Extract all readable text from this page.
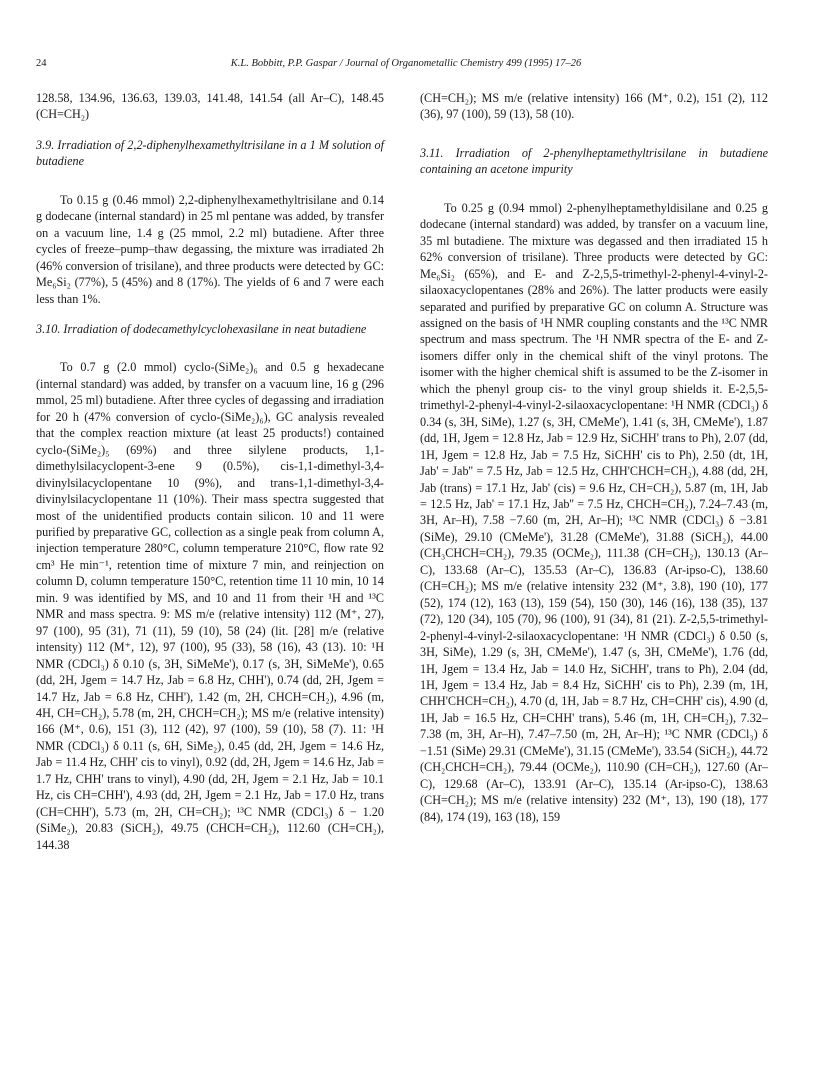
24	K.L. Bobbitt, P.P. Gaspar / Journal of Organometallic Chemistry 499 (1995) 17–26

128.58, 134.96, 136.63, 139.03, 141.48, 141.54 (all Ar–C), 148.45 (CH=CH₂)

3.9. Irradiation of 2,2-diphenylhexamethyltrisilane in a 1 M solution of butadiene

To 0.15 g (0.46 mmol) 2,2-diphenylhexamethyltrisilane and 0.14 g dodecane (internal standard) in 25 ml pentane was added, by transfer on a vacuum line, 1.4 g (25 mmol, 2.2 ml) butadiene. After three cycles of freeze–pump–thaw degassing, the mixture was irradiated 2h (46% conversion of trisilane), and three products were detected by GC: Me₆Si₂ (77%), 5 (45%) and 8 (17%). The yields of 6 and 7 were each less than 1%.

3.10. Irradiation of dodecamethylcyclohexasilane in neat butadiene

To 0.7 g (2.0 mmol) cyclo-(SiMe₂)₆ and 0.5 g hexadecane (internal standard) was added, by transfer on a vacuum line, 16 g (296 mmol, 25 ml) butadiene. After three cycles of degassing and irradiation for 20 h (47% conversion of cyclo-(SiMe₂)₆), GC analysis revealed that the complex reaction mixture (at least 25 products!) contained cyclo-(SiMe₂)₅ (69%) and three silylene products, 1,1-dimethylsilacyclopent-3-ene 9 (0.5%), cis-1,1-dimethyl-3,4-divinylsilacyclopentane 10 (9%), and trans-1,1-dimethyl-3,4-divinylsilacyclopentane 11 (10%). Their mass spectra suggested that most of the unidentified products contain silicon. 10 and 11 were purified by preparative GC, collection as a single peak from column A, injection temperature 280°C, column temperature 210°C, flow rate 92 cm³ He min⁻¹, retention time of mixture 7 min, and reinjection on column D, column temperature 150°C, retention time 11 10 min, 10 14 min. 9 was identified by MS, and 10 and 11 from their ¹H and ¹³C NMR and mass spectra. 9: MS m/e (relative intensity) 112 (M⁺, 27), 97 (100), 95 (31), 71 (11), 59 (10), 58 (24) (lit. [28] m/e (relative intensity) 112 (M⁺, 12), 97 (100), 95 (33), 58 (16), 43 (13). 10: ¹H NMR (CDCl₃) δ 0.10 (s, 3H, SiMeMe'), 0.17 (s, 3H, SiMeMe'), 0.65 (dd, 2H, Jgem = 14.7 Hz, Jab = 6.8 Hz, CHH'), 0.74 (dd, 2H, Jgem = 14.7 Hz, Jab = 6.8 Hz, CHH'), 1.42 (m, 2H, CHCH=CH₂), 4.96 (m, 4H, CH=CH₂), 5.78 (m, 2H, CHCH=CH₂); MS m/e (relative intensity) 166 (M⁺, 0.6), 151 (3), 112 (42), 97 (100), 59 (10), 58 (7). 11: ¹H NMR (CDCl₃) δ 0.11 (s, 6H, SiMe₂), 0.45 (dd, 2H, Jgem = 14.6 Hz, Jab = 11.4 Hz, CHH' cis to vinyl), 0.92 (dd, 2H, Jgem = 14.6 Hz, Jab = 1.7 Hz, CHH' trans to vinyl), 4.90 (dd, 2H, Jgem = 2.1 Hz, Jab = 10.1 Hz, cis CH=CHH'), 4.93 (dd, 2H, Jgem = 2.1 Hz, Jab = 17.0 Hz, trans (CH=CHH'), 5.73 (m, 2H, CH=CH₂); ¹³C NMR (CDCl₃) δ − 1.20 (SiMe₂), 20.83 (SiCH₂), 49.75 (CHCH=CH₂), 112.60 (CH=CH₂), 144.38

(CH=CH₂); MS m/e (relative intensity) 166 (M⁺, 0.2), 151 (2), 112 (36), 97 (100), 59 (13), 58 (10).

3.11. Irradiation of 2-phenylheptamethyltrisilane in butadiene containing an acetone impurity

To 0.25 g (0.94 mmol) 2-phenylheptamethyldisilane and 0.25 g dodecane (internal standard) was added, by transfer on a vacuum line, 35 ml butadiene. The mixture was degassed and then irradiated 15 h 62% conversion of trisilane). Three products were detected by GC: Me₆Si₂ (65%), and E- and Z-2,5,5-trimethyl-2-phenyl-4-vinyl-2-silaoxacyclopentanes (28% and 26%). The latter products were easily separated and purified by preparative GC on column A. Structure was assigned on the basis of ¹H NMR coupling constants and the ¹³C NMR spectrum and mass spectrum. The ¹H NMR spectra of the E- and Z-isomers differ only in the chemical shift of the vinyl protons. The isomer with the higher chemical shift is assumed to be the Z-isomer in which the phenyl group cis- to the vinyl group shields it. E-2,5,5-trimethyl-2-phenyl-4-vinyl-2-silaoxacyclopentane: ¹H NMR (CDCl₃) δ 0.34 (s, 3H, SiMe), 1.27 (s, 3H, CMeMe'), 1.41 (s, 3H, CMeMe'), 1.87 (dd, 1H, Jgem = 12.8 Hz, Jab = 12.9 Hz, SiCHH' trans to Ph), 2.07 (dd, 1H, Jgem = 12.8 Hz, Jab = 7.5 Hz, SiCHH' cis to Ph), 2.50 (dt, 1H, Jab' = Jab'' = 7.5 Hz, Jab = 12.5 Hz, CHH'CHCH=CH₂), 4.88 (dd, 2H, Jab (trans) = 17.1 Hz, Jab' (cis) = 9.6 Hz, CH=CH₂), 5.87 (m, 1H, Jab = 12.5 Hz, Jab' = 17.1 Hz, Jab'' = 7.5 Hz, CHCH=CH₂), 7.24–7.43 (m, 3H, Ar–H), 7.58 −7.60 (m, 2H, Ar–H); ¹³C NMR (CDCl₃) δ −3.81 (SiMe), 29.10 (CMeMe'), 31.28 (CMeMe'), 31.88 (SiCH₂), 44.00 (CH₃CHCH=CH₂), 79.35 (OCMe₂), 111.38 (CH=CH₂), 130.13 (Ar–C), 133.68 (Ar–C), 135.53 (Ar–C), 136.83 (Ar-ipso-C), 138.60 (CH=CH₂); MS m/e (relative intensity 232 (M⁺, 3.8), 190 (10), 177 (52), 174 (12), 163 (13), 159 (54), 150 (30), 146 (16), 138 (35), 137 (72), 120 (34), 105 (70), 96 (100), 91 (34), 81 (21). Z-2,5,5-trimethyl-2-phenyl-4-vinyl-2-silaoxacyclopentane: ¹H NMR (CDCl₃) δ 0.50 (s, 3H, SiMe), 1.29 (s, 3H, CMeMe'), 1.47 (s, 3H, CMeMe'), 1.76 (dd, 1H, Jgem = 13.4 Hz, Jab = 14.0 Hz, SiCHH', trans to Ph), 2.04 (dd, 1H, Jgem = 13.4 Hz, Jab = 8.4 Hz, SiCHH' cis to Ph), 2.39 (m, 1H, CHH'CHCH=CH₂), 4.70 (d, 1H, Jab = 8.7 Hz, CH=CHH' cis), 4.90 (d, 1H, Jab = 16.5 Hz, CH=CHH' trans), 5.46 (m, 1H, CH=CH₂), 7.32–7.38 (m, 3H, Ar–H), 7.47–7.50 (m, 2H, Ar–H); ¹³C NMR (CDCl₃) δ −1.51 (SiMe) 29.31 (CMeMe'), 31.15 (CMeMe'), 33.54 (SiCH₂), 44.72 (CH₂CHCH=CH₂), 79.44 (OCMe₂), 110.90 (CH=CH₂), 127.60 (Ar–C), 129.68 (Ar–C), 133.91 (Ar–C), 135.14 (Ar-ipso-C), 138.63 (CH=CH₂); MS m/e (relative intensity) 232 (M⁺, 13), 190 (18), 177 (84), 174 (19), 163 (18), 159
